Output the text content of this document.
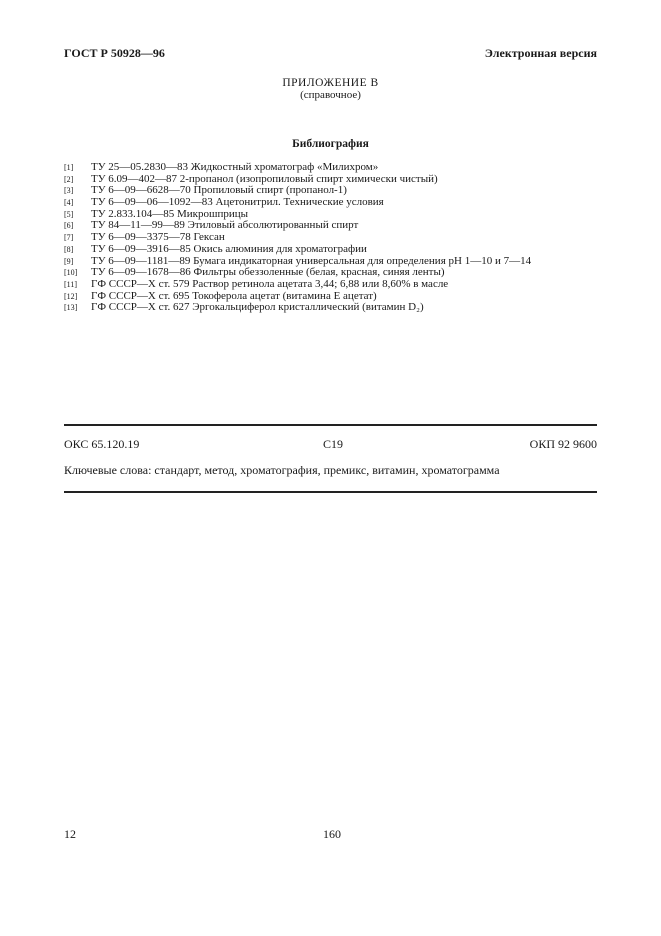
ГОСТ Р 50928—96	Электронная версия
ПРИЛОЖЕНИЕ В
(справочное)
Библиография
[1] ТУ 25—05.2830—83 Жидкостный хроматограф «Милихром»
[2] ТУ 6.09—402—87 2-пропанол (изопропиловый спирт химически чистый)
[3] ТУ 6—09—6628—70 Пропиловый спирт (пропанол-1)
[4] ТУ 6—09—06—1092—83 Ацетонитрил. Технические условия
[5] ТУ 2.833.104—85 Микрошприцы
[6] ТУ 84—11—99—89 Этиловый абсолютированный спирт
[7] ТУ 6—09—3375—78 Гексан
[8] ТУ 6—09—3916—85 Окись алюминия для хроматографии
[9] ТУ 6—09—1181—89 Бумага индикаторная универсальная для определения pH 1—10 и 7—14
[10] ТУ 6—09—1678—86 Фильтры обеззоленные (белая, красная, синяя ленты)
[11] ГФ СССР—Х ст. 579 Раствор ретинола ацетата 3,44; 6,88 или 8,60% в масле
[12] ГФ СССР—Х ст. 695 Токоферола ацетат (витамина Е ацетат)
[13] ГФ СССР—Х ст. 627 Эргокальциферол кристаллический (витамин D₂)
ОКС 65.120.19	С19	ОКП 92 9600
Ключевые слова: стандарт, метод, хроматография, премикс, витамин, хроматограмма
12	160
